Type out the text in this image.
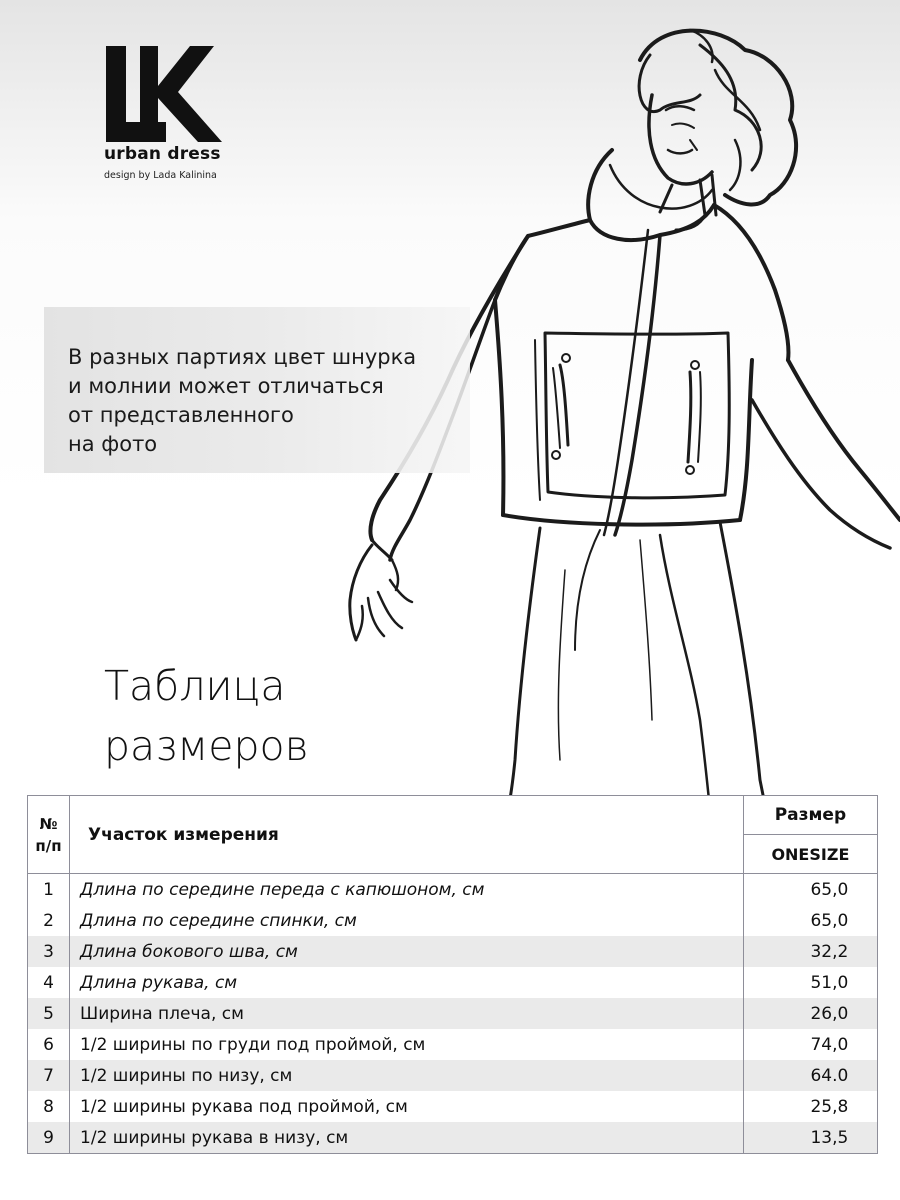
urban dress
design by Lada Kalinina
В разных партиях цвет шнурка
и молнии может отличаться
от представленного
на фото
Таблица
размеров
№
п/п	Участок измерения	Размер
		ONESIZE
1	Длина по середине переда с капюшоном, см	65,0
2	Длина по середине спинки, см	65,0
3	Длина бокового шва, см	32,2
4	Длина рукава, см	51,0
5	Ширина плеча, см	26,0
6	1/2 ширины по груди под проймой, см	74,0
7	1/2 ширины по низу, см	64.0
8	1/2 ширины рукава под проймой, см	25,8
9	1/2 ширины рукава в низу, см	13,5
